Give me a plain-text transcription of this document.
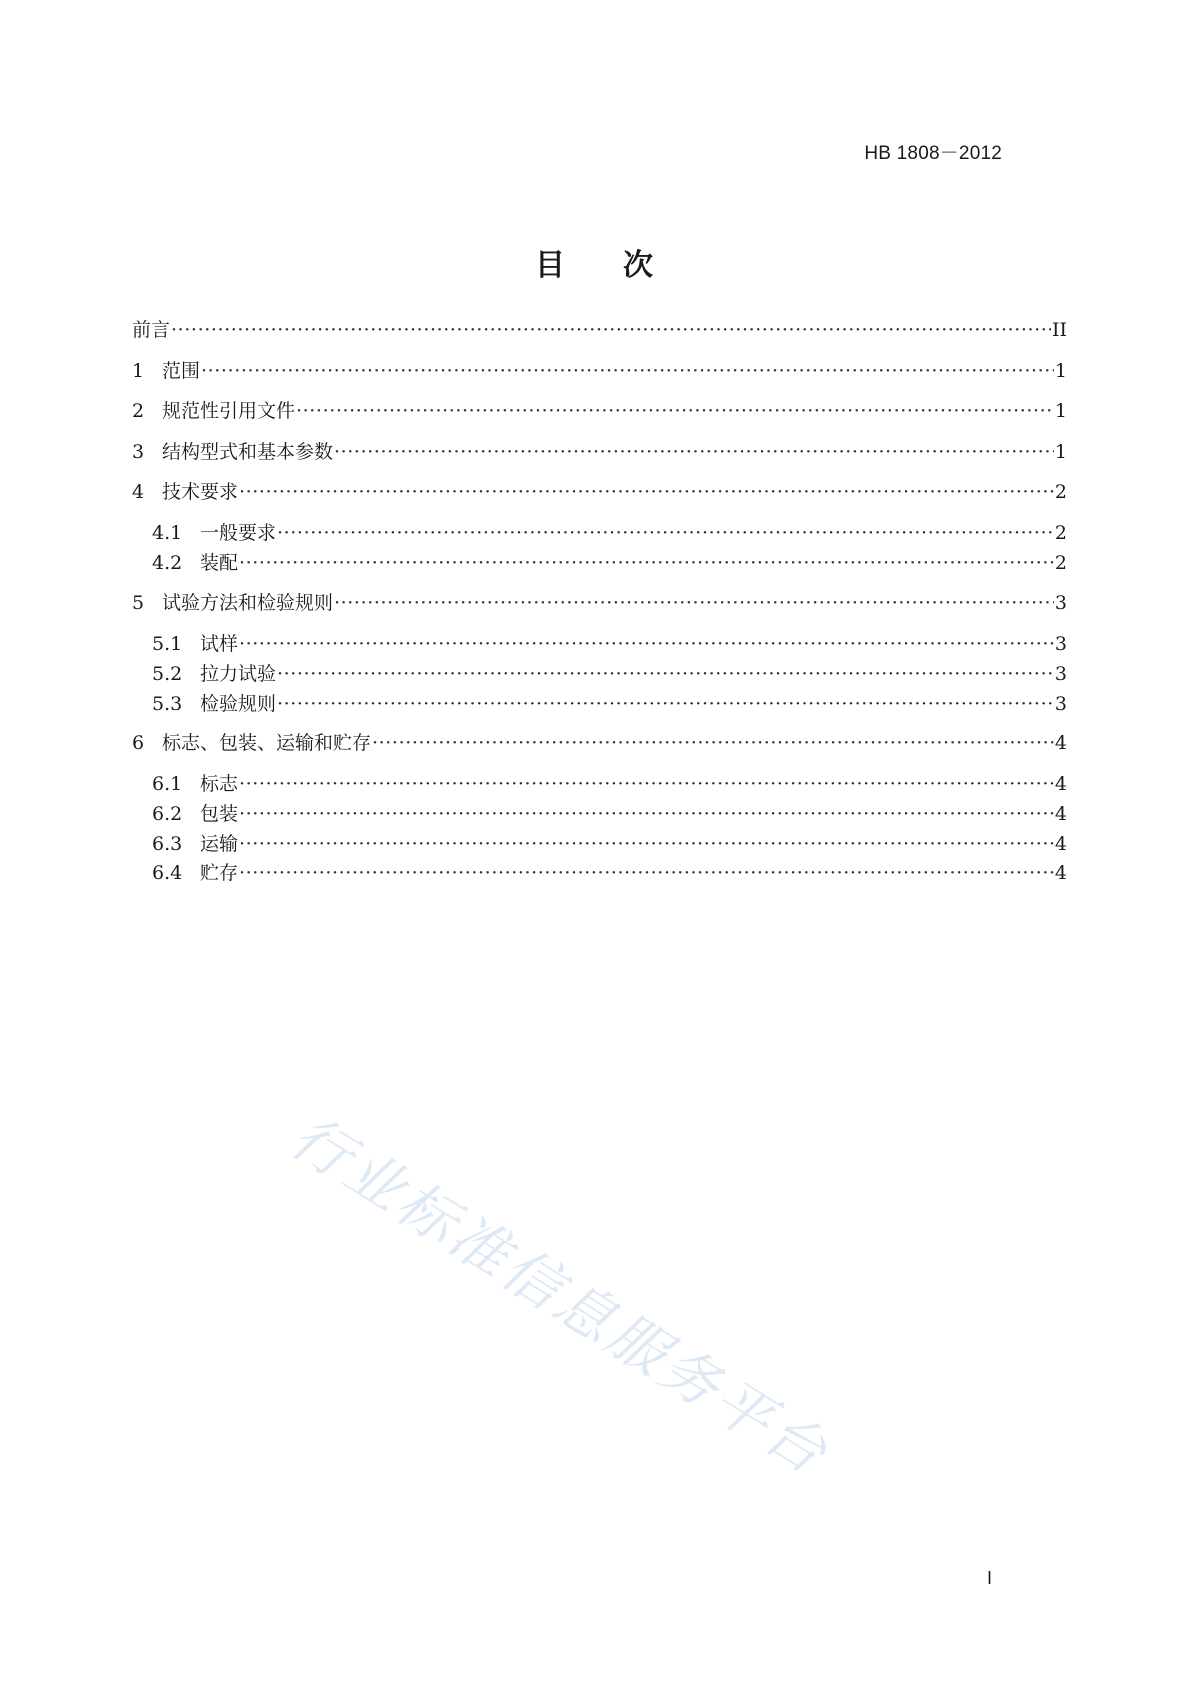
HB 1808－2012
目 次
前言 ·····	II
1 范围 ·····	1
2 规范性引用文件 ·····	1
3 结构型式和基本参数 ·····	1
4 技术要求 ·····	2
4.1 一般要求 ·····	2
4.2 装配 ·····	2
5 试验方法和检验规则 ·····	3
5.1 试样 ·····	3
5.2 拉力试验 ·····	3
5.3 检验规则 ·····	3
6 标志、包装、运输和贮存 ·····	4
6.1 标志 ·····	4
6.2 包装 ·····	4
6.3 运输 ·····	4
6.4 贮存 ·····	4
行业标准信息服务平台
I
